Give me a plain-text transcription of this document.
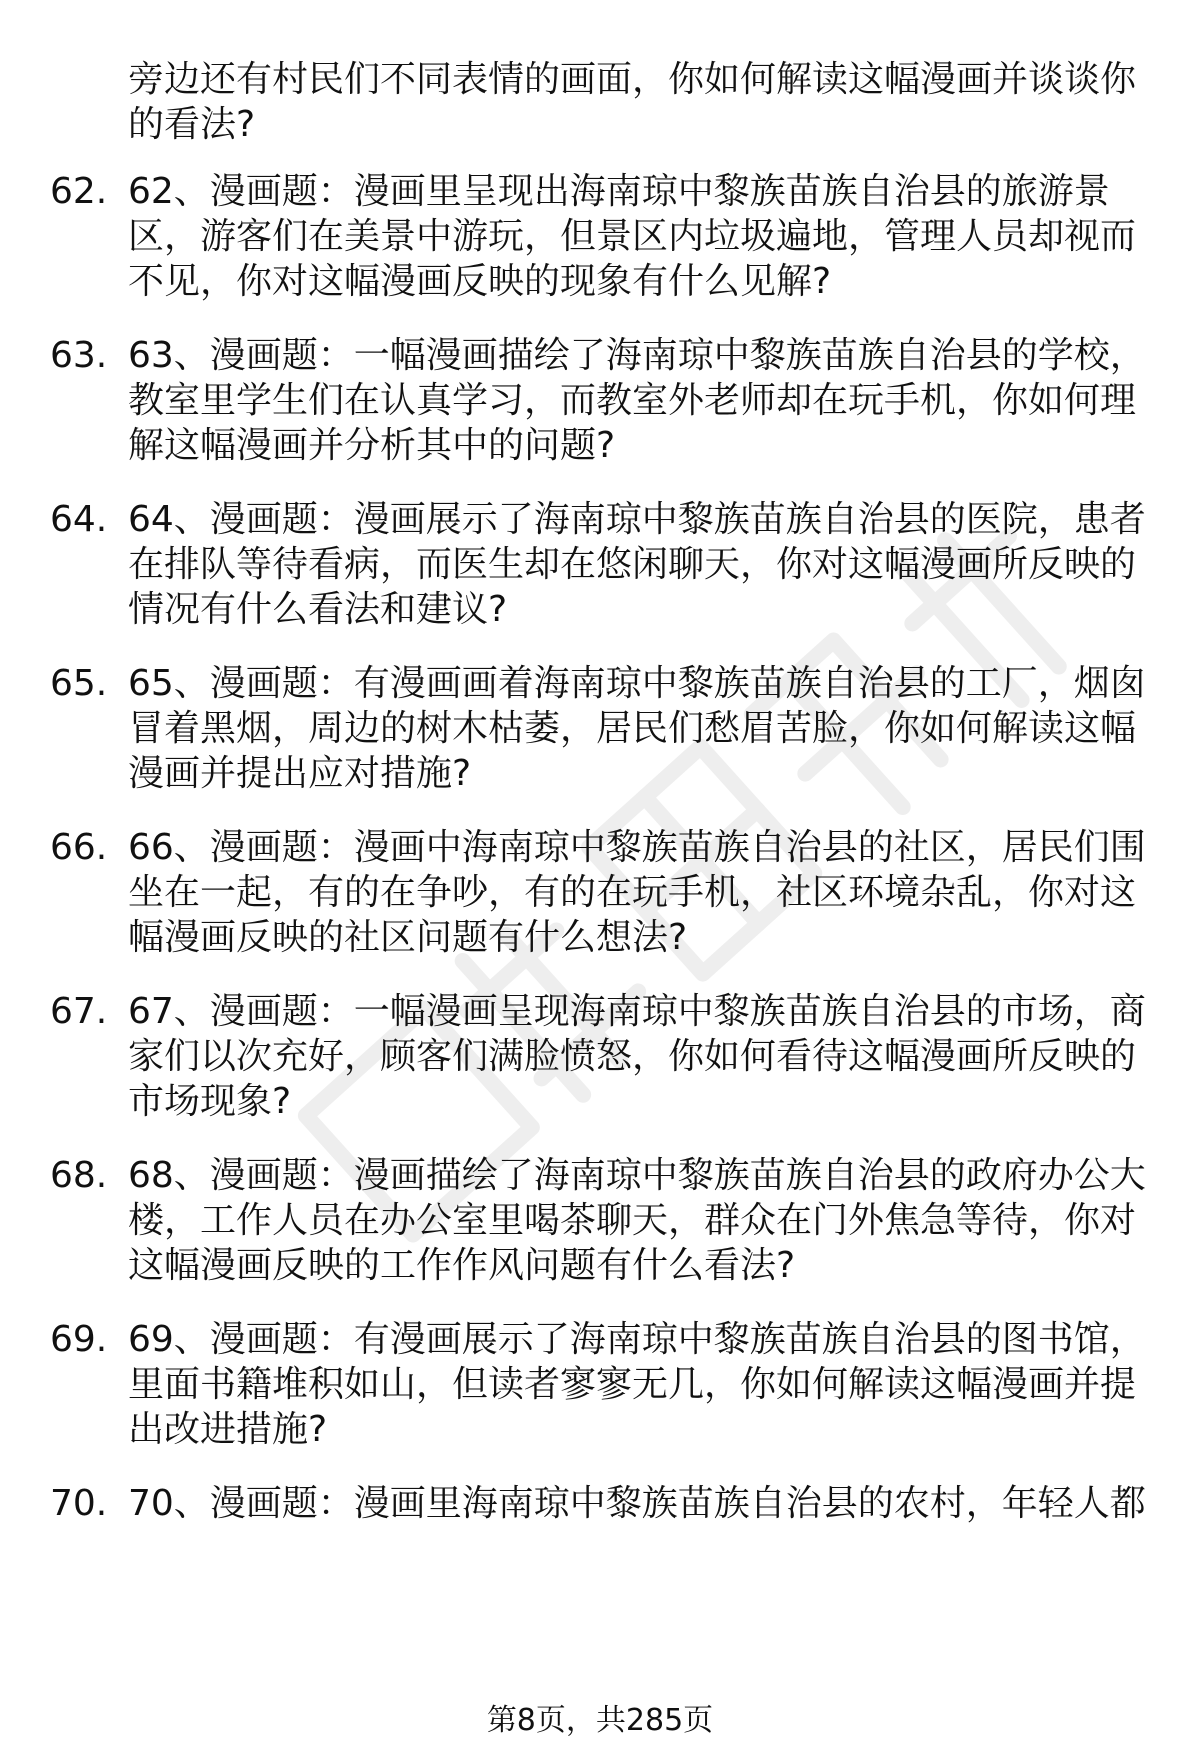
旁边还有村民们不同表情的画面，你如何解读这幅漫画并谈谈你的看法?

62. 62、漫画题：漫画里呈现出海南琼中黎族苗族自治县的旅游景区，游客们在美景中游玩，但景区内垃圾遍地，管理人员却视而不见，你对这幅漫画反映的现象有什么见解?

63. 63、漫画题：一幅漫画描绘了海南琼中黎族苗族自治县的学校，教室里学生们在认真学习，而教室外老师却在玩手机，你如何理解这幅漫画并分析其中的问题?

64. 64、漫画题：漫画展示了海南琼中黎族苗族自治县的医院，患者在排队等待看病，而医生却在悠闲聊天，你对这幅漫画所反映的情况有什么看法和建议?

65. 65、漫画题：有漫画画着海南琼中黎族苗族自治县的工厂，烟囱冒着黑烟，周边的树木枯萎，居民们愁眉苦脸，你如何解读这幅漫画并提出应对措施?

66. 66、漫画题：漫画中海南琼中黎族苗族自治县的社区，居民们围坐在一起，有的在争吵，有的在玩手机，社区环境杂乱，你对这幅漫画反映的社区问题有什么想法?

67. 67、漫画题：一幅漫画呈现海南琼中黎族苗族自治县的市场，商家们以次充好，顾客们满脸愤怒，你如何看待这幅漫画所反映的市场现象?

68. 68、漫画题：漫画描绘了海南琼中黎族苗族自治县的政府办公大楼，工作人员在办公室里喝茶聊天，群众在门外焦急等待，你对这幅漫画反映的工作作风问题有什么看法?

69. 69、漫画题：有漫画展示了海南琼中黎族苗族自治县的图书馆，里面书籍堆积如山，但读者寥寥无几，你如何解读这幅漫画并提出改进措施?

70. 70、漫画题：漫画里海南琼中黎族苗族自治县的农村，年轻人都

第8页，共285页
